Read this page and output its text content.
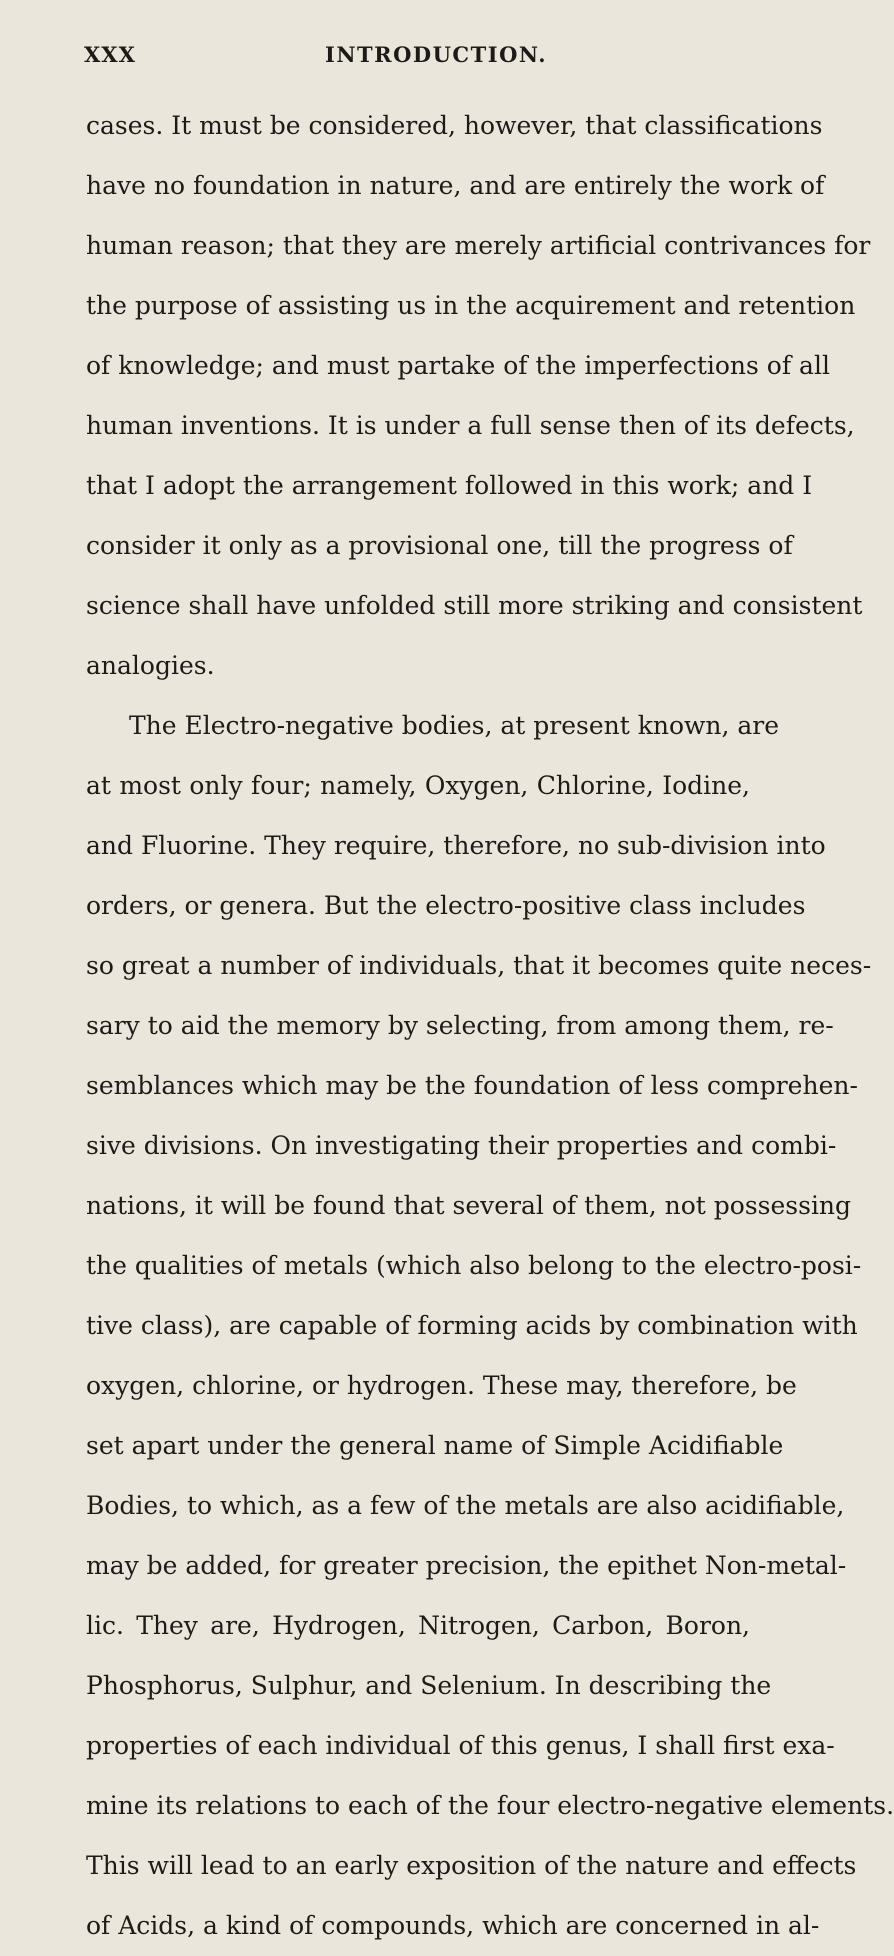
XXX	INTRODUCTION.
cases. It must be considered, however, that classifications
have no foundation in nature, and are entirely the work of
human reason; that they are merely artificial contrivances for
the purpose of assisting us in the acquirement and retention
of knowledge; and must partake of the imperfections of all
human inventions. It is under a full sense then of its defects,
that I adopt the arrangement followed in this work; and I
consider it only as a provisional one, till the progress of
science shall have unfolded still more striking and consistent
analogies.
The Electro-negative bodies, at present known, are
at most only four; namely, Oxygen, Chlorine, Iodine,
and Fluorine. They require, therefore, no sub-division into
orders, or genera. But the electro-positive class includes
so great a number of individuals, that it becomes quite neces-
sary to aid the memory by selecting, from among them, re-
semblances which may be the foundation of less comprehen-
sive divisions. On investigating their properties and combi-
nations, it will be found that several of them, not possessing
the qualities of metals (which also belong to the electro-posi-
tive class), are capable of forming acids by combination with
oxygen, chlorine, or hydrogen. These may, therefore, be
set apart under the general name of Simple Acidifiable
Bodies, to which, as a few of the metals are also acidifiable,
may be added, for greater precision, the epithet Non-metal-
lic. They are, Hydrogen, Nitrogen, Carbon, Boron,
Phosphorus, Sulphur, and Selenium. In describing the
properties of each individual of this genus, I shall first exa-
mine its relations to each of the four electro-negative elements.
This will lead to an early exposition of the nature and effects
of Acids, a kind of compounds, which are concerned in al-
